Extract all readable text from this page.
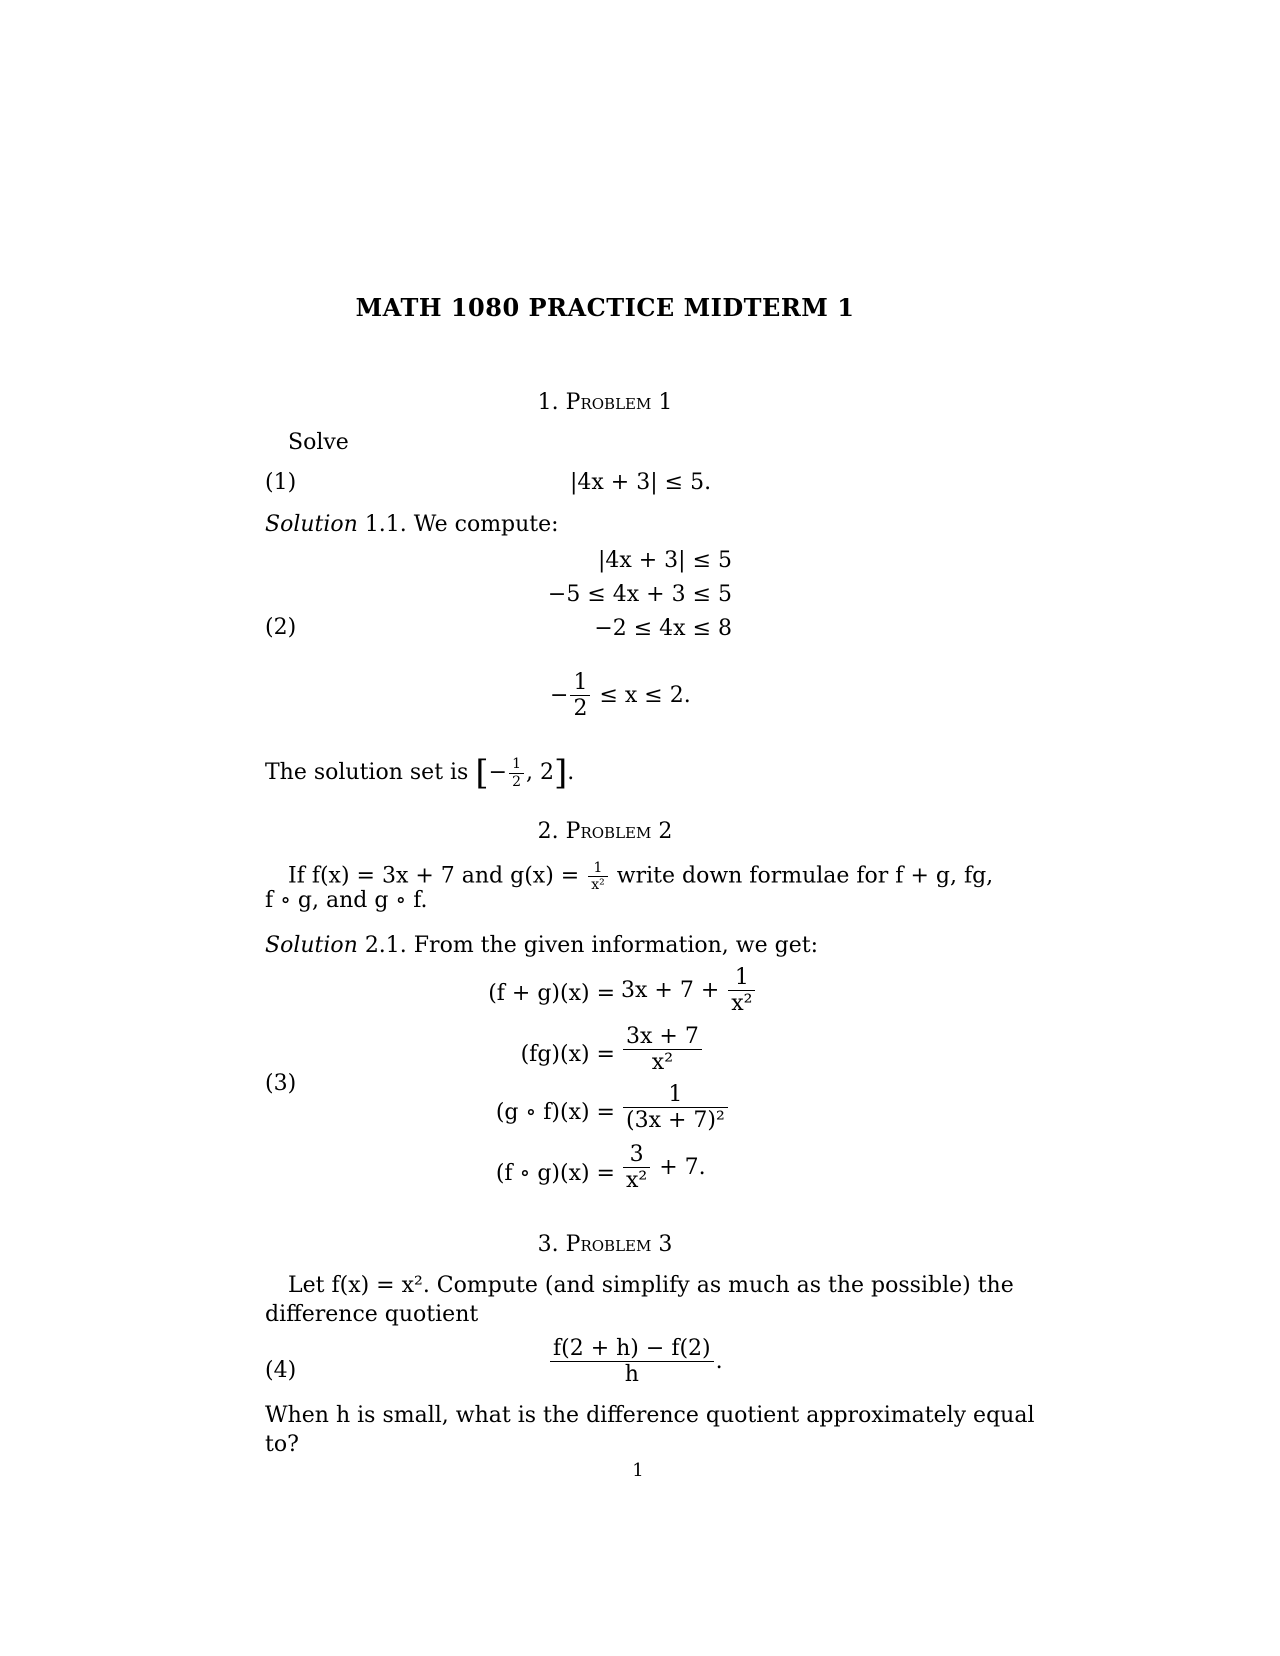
MATH 1080 PRACTICE MIDTERM 1
1. Problem 1
Solve
(1)	|4x + 3| ≤ 5.
Solution 1.1. We compute:
|4x + 3| ≤ 5
−5 ≤ 4x + 3 ≤ 5
(2)	−2 ≤ 4x ≤ 8
− $\frac{1}{2} \le x \le 2$.
The solution set is [− $\frac{1}{2}$ , 2].
2. Problem 2
If f(x) = 3x + 7 and $g(x) = \frac{1}{\text{x²}}$ write down formulae for f + g, fg,
f ∘ g, and g ∘ f.
Solution 2.1. From the given information, we get:
$(f + g)(x) = 3x + 7 + \frac{1}{\text{x²}}$
$(fg)(x) = \frac{3x + 7}{\text{x²}}$
(3)
(g ∘ $f)(x) = \frac{1}{\text{(3x + 7)²}}$
(f ∘ $g)(x) = \frac{3}{\text{x²}} + 7$.
3. Problem 3
Let f(x) = x². Compute (and simplify as much as the possible) the
difference quotient
(4)	$\frac{f(2 + h) - f(2)}{h}$ .
When h is small, what is the difference quotient approximately equal
to?
1
